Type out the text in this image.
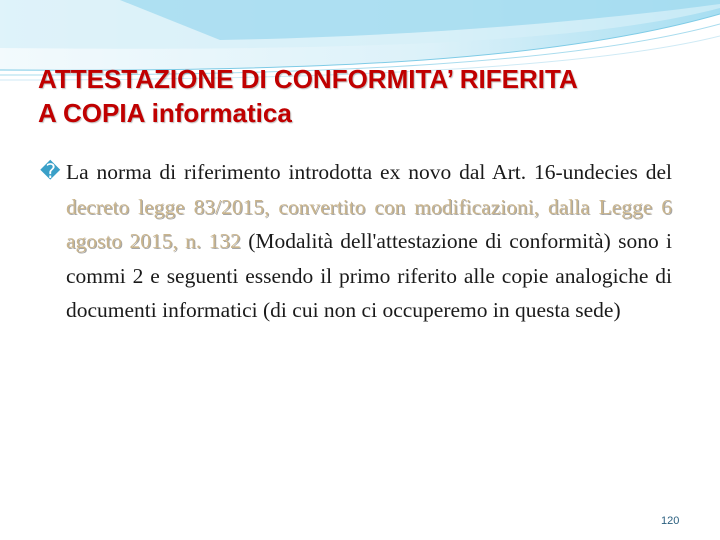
ATTESTAZIONE DI CONFORMITA’ RIFERITA
A COPIA informatica

� La norma di riferimento introdotta ex novo dal Art. 16-undecies del decreto legge 83/2015, convertito con modificazioni, dalla Legge 6 agosto 2015, n. 132 (Modalità dell'attestazione di conformità) sono i commi 2 e seguenti essendo il primo riferito alle copie analogiche di documenti informatici (di cui non ci occuperemo in questa sede)

120
